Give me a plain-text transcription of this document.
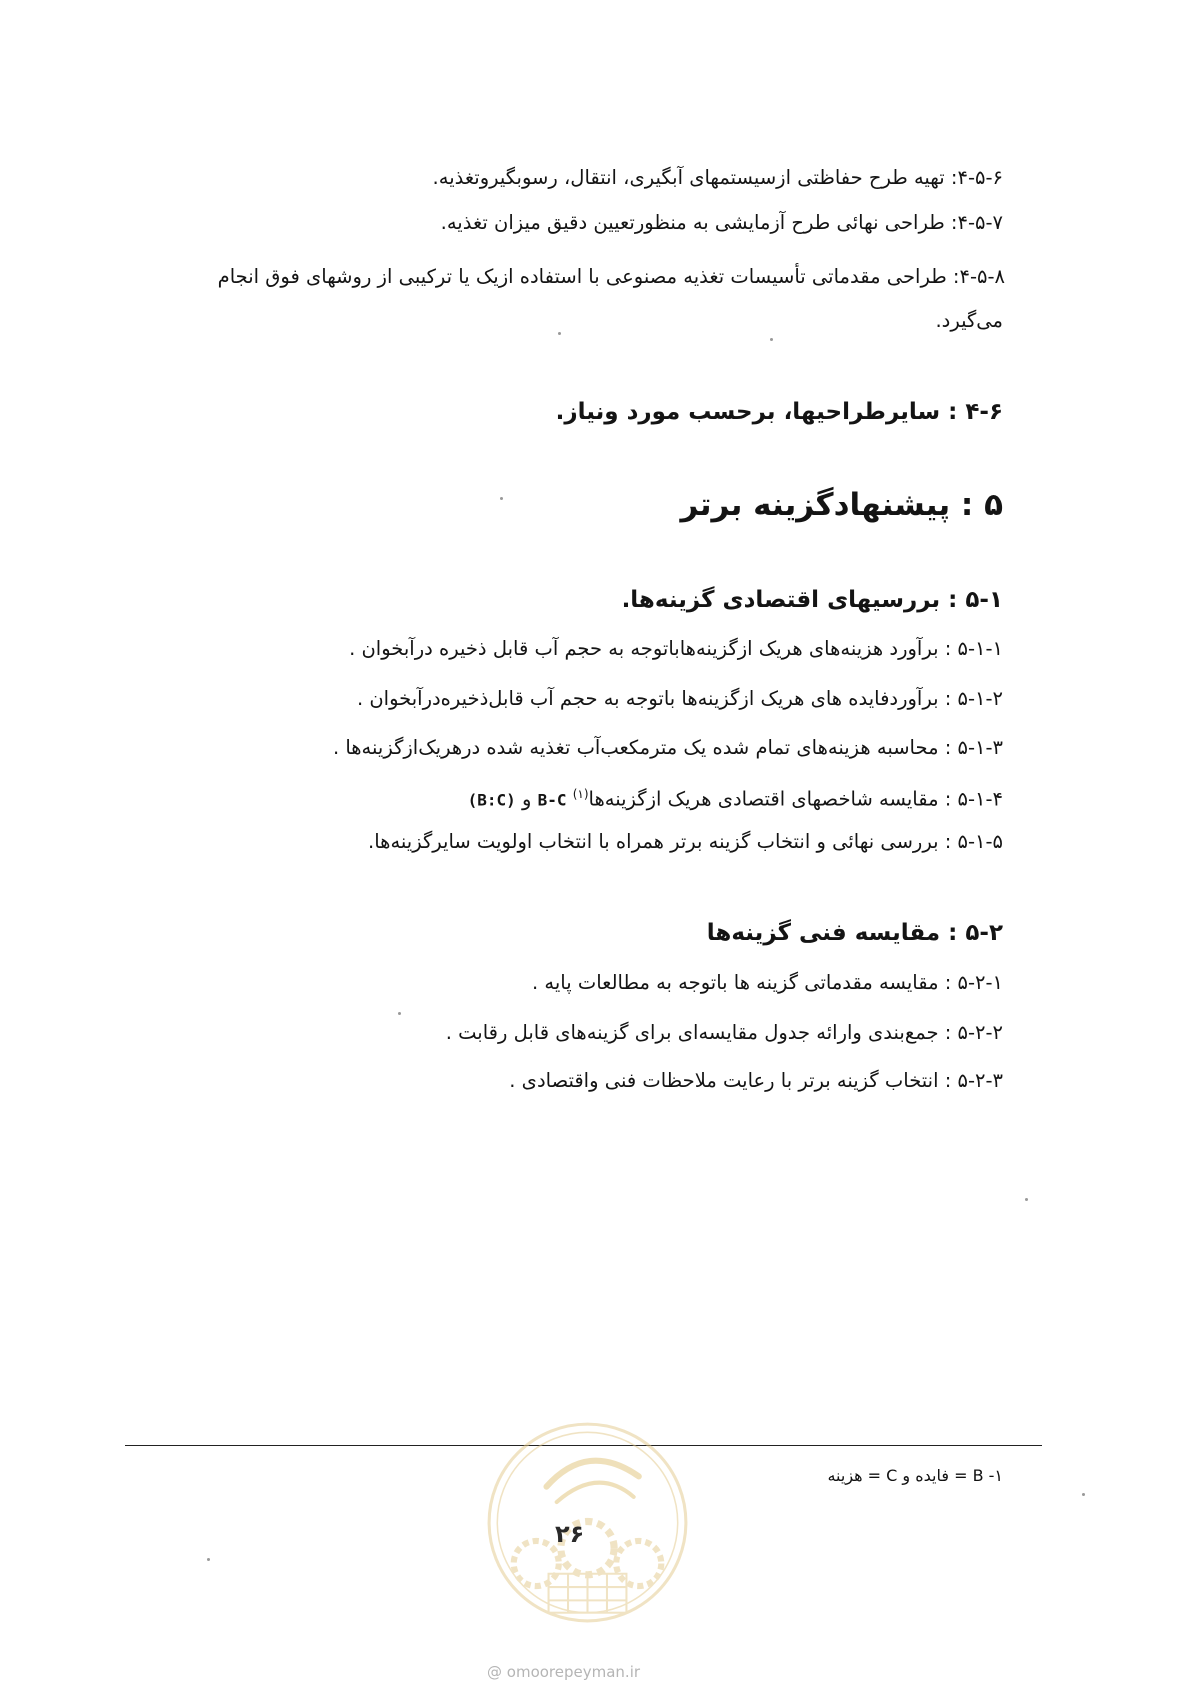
۴-۵-۶: تهیه طرح حفاظتی ازسیستمهای آبگیری، انتقال، رسوبگیروتغذیه.
۴-۵-۷: طراحی نهائی طرح آزمایشی به منظورتعیین دقیق میزان تغذیه.
۴-۵-۸: طراحی مقدماتی تأسیسات تغذیه مصنوعی با استفاده ازیک یا ترکیبی از روشهای فوق انجام
می‌گیرد.
۴-۶ : سایرطراحیها، برحسب مورد ونیاز.
۵ : پیشنهادگزینه برتر
۵-۱ : بررسیهای اقتصادی گزینه‌ها.
۵-۱-۱ : برآورد هزینه‌های هریک ازگزینه‌هاباتوجه به حجم آب قابل ذخیره درآبخوان .
۵-۱-۲ : برآوردفایده های هریک ازگزینه‌ها باتوجه به حجم آب قابل‌ذخیره‌درآبخوان .
۵-۱-۳ : محاسبه هزینه‌های تمام شده یک مترمکعب‌آب تغذیه شده درهریک‌ازگزینه‌ها .
۵-۱-۴ : مقایسه شاخصهای اقتصادی هریک ازگزینه‌ها$^{(۱)}$ B-C و (B:C)
۵-۱-۵ : بررسی نهائی و انتخاب گزینه برتر همراه با انتخاب اولویت سایرگزینه‌ها.
۵-۲ : مقایسه فنی گزینه‌ها
۵-۲-۱ : مقایسه مقدماتی گزینه ها باتوجه به مطالعات پایه .
۵-۲-۲ : جمع‌بندی وارائه جدول مقایسه‌ای برای گزینه‌های قابل رقابت .
۵-۲-۳ : انتخاب گزینه برتر با رعایت ملاحظات فنی واقتصادی .
۱- B = فایده و C = هزینه
۲۶
@ omoorepeyman.ir
